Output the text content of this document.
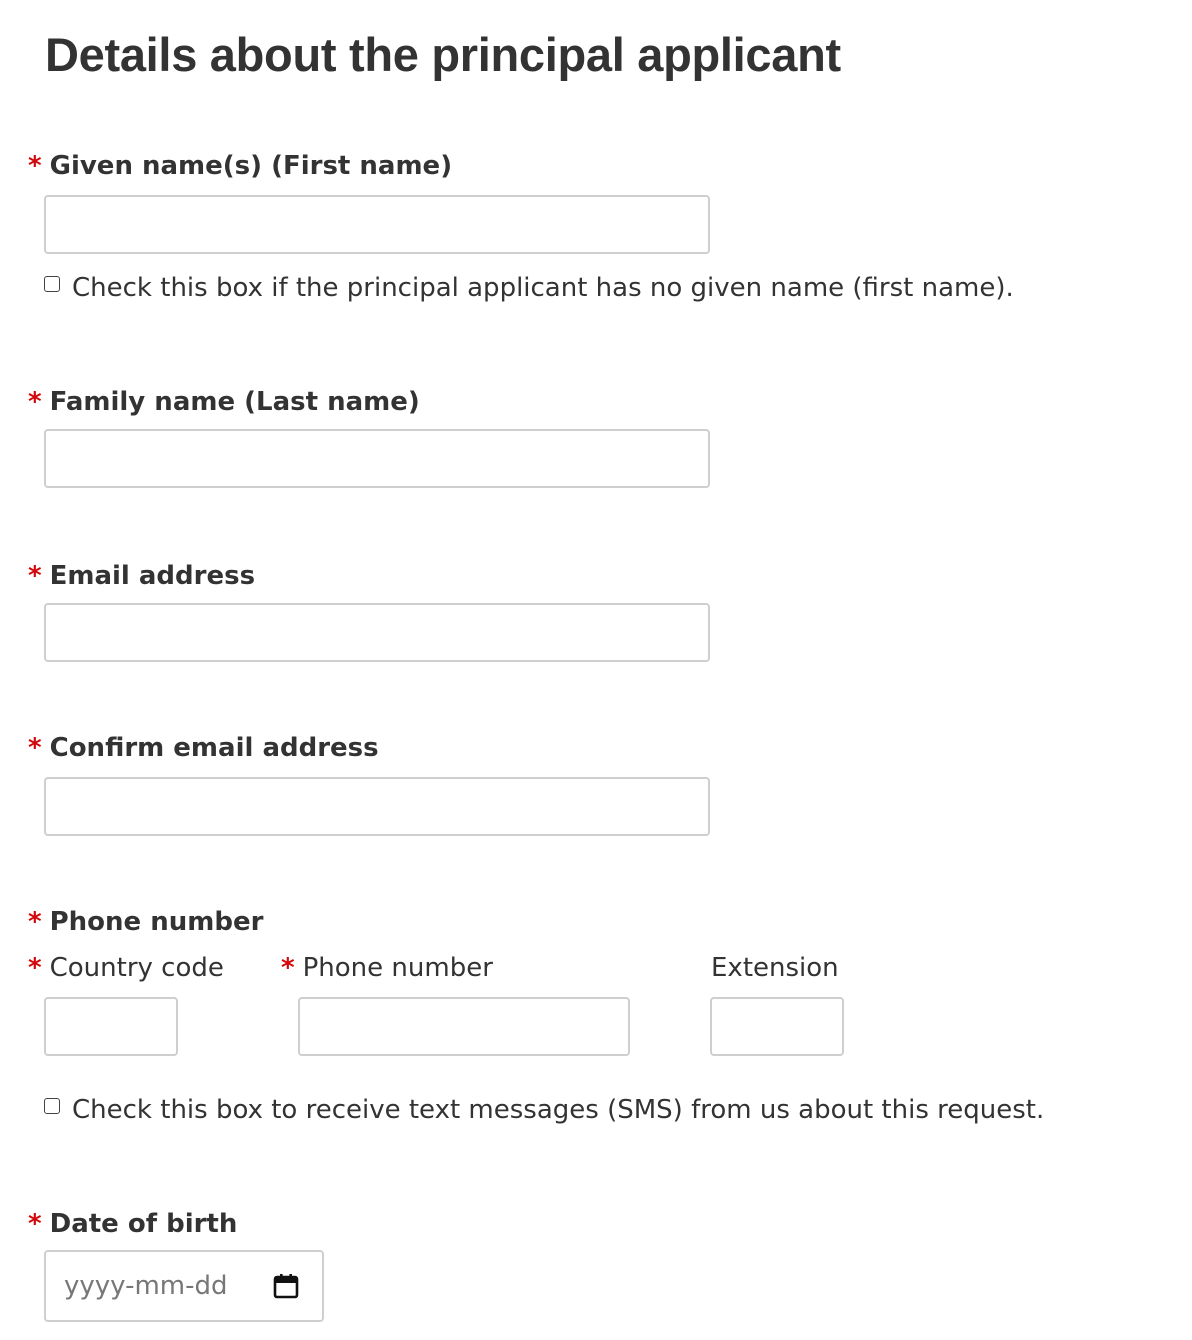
Details about the principal applicant
* Given name(s) (First name)
Check this box if the principal applicant has no given name (first name).
* Family name (Last name)
* Email address
* Confirm email address
* Phone number
* Country code * Phone number	Extension
Check this box to receive text messages (SMS) from us about this request.
* Date of birth
yyyy-mm-dd
